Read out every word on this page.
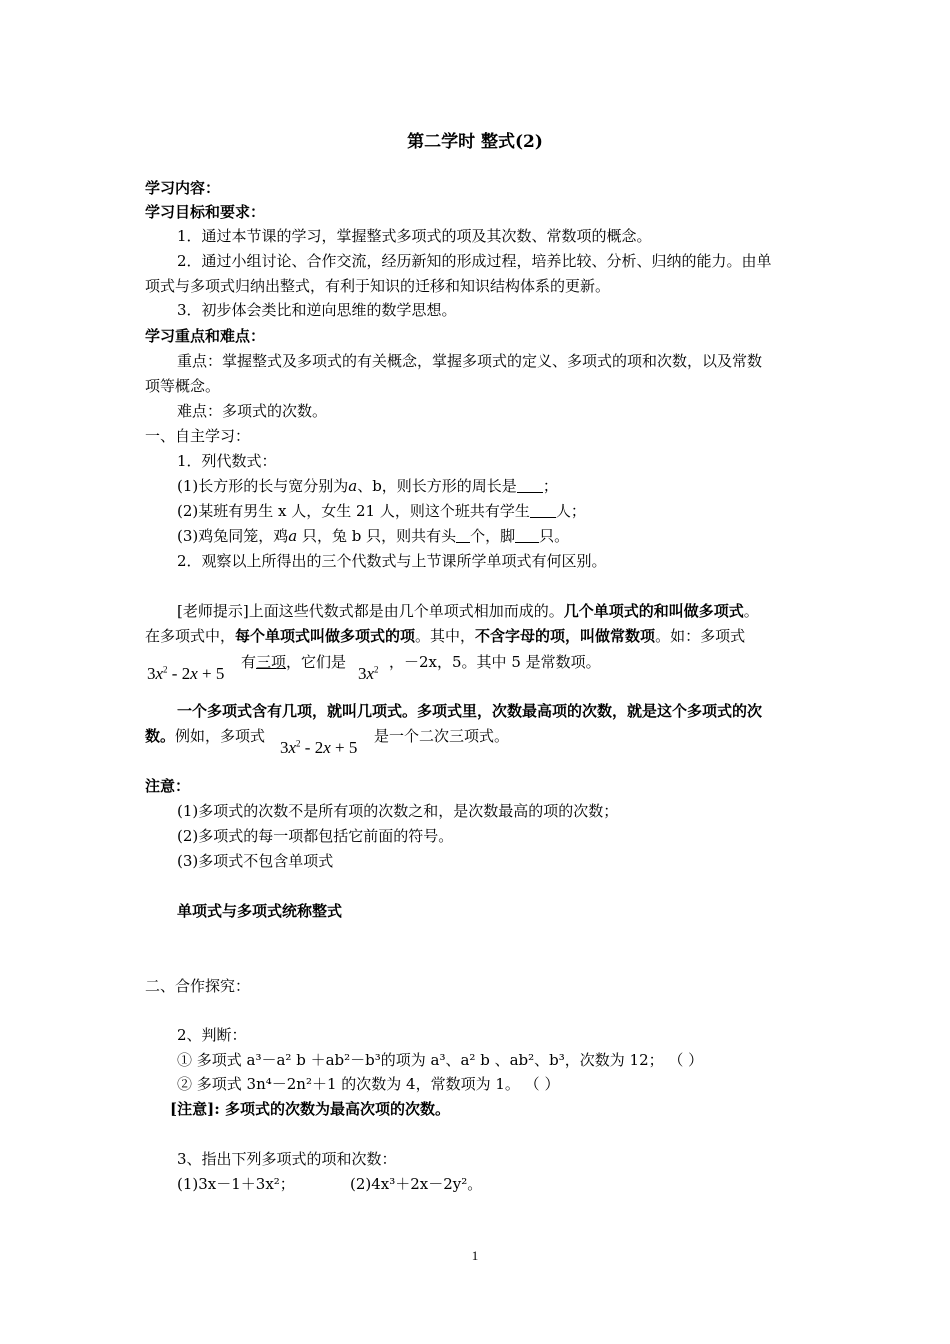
第二学时 整式(2)
学习内容：
学习目标和要求：
1．通过本节课的学习，掌握整式多项式的项及其次数、常数项的概念。
2．通过小组讨论、合作交流，经历新知的形成过程，培养比较、分析、归纳的能力。由单
项式与多项式归纳出整式，有利于知识的迁移和知识结构体系的更新。
3．初步体会类比和逆向思维的数学思想。
学习重点和难点：
重点：掌握整式及多项式的有关概念，掌握多项式的定义、多项式的项和次数，以及常数
项等概念。
难点：多项式的次数。
一、自主学习：
1．列代数式：
(1)长方形的长与宽分别为a、b，则长方形的周长是 ；
(2)某班有男生 x 人，女生 21 人，则这个班共有学生 人；
(3)鸡兔同笼，鸡a 只，兔 b 只，则共有头 个，脚 只。
2．观察以上所得出的三个代数式与上节课所学单项式有何区别。
[老师提示]上面这些代数式都是由几个单项式相加而成的。几个单项式的和叫做多项式。
在多项式中，每个单项式叫做多项式的项。其中，不含字母的项，叫做常数项。如：多项式
$3x^2 - 2x + 5$
有三项，它们是
$3x^2$ ，－2x，5。其中 5 是常数项。
一个多项式含有几项，就叫几项式。多项式里，次数最高项的次数，就是这个多项式的次
数。例如，多项式
$3x^2 - 2x + 5$
是一个二次三项式。
注意：
(1)多项式的次数不是所有项的次数之和，是次数最高的项的次数；
(2)多项式的每一项都包括它前面的符号。
(3)多项式不包含单项式
单项式与多项式统称整式
二、合作探究：
2、判断：
① 多项式 a³－a² b ＋ab²－b³的项为 a³、a² b 、ab²、b³，次数为 12； （ ）
② 多项式 3n⁴－2n²＋1 的次数为 4，常数项为 1。 （ ）
[注意]: 多项式的次数为最高次项的次数。
3、指出下列多项式的项和次数：
(1)3x－1＋3x²；	(2)4x³＋2x－2y²。
1
